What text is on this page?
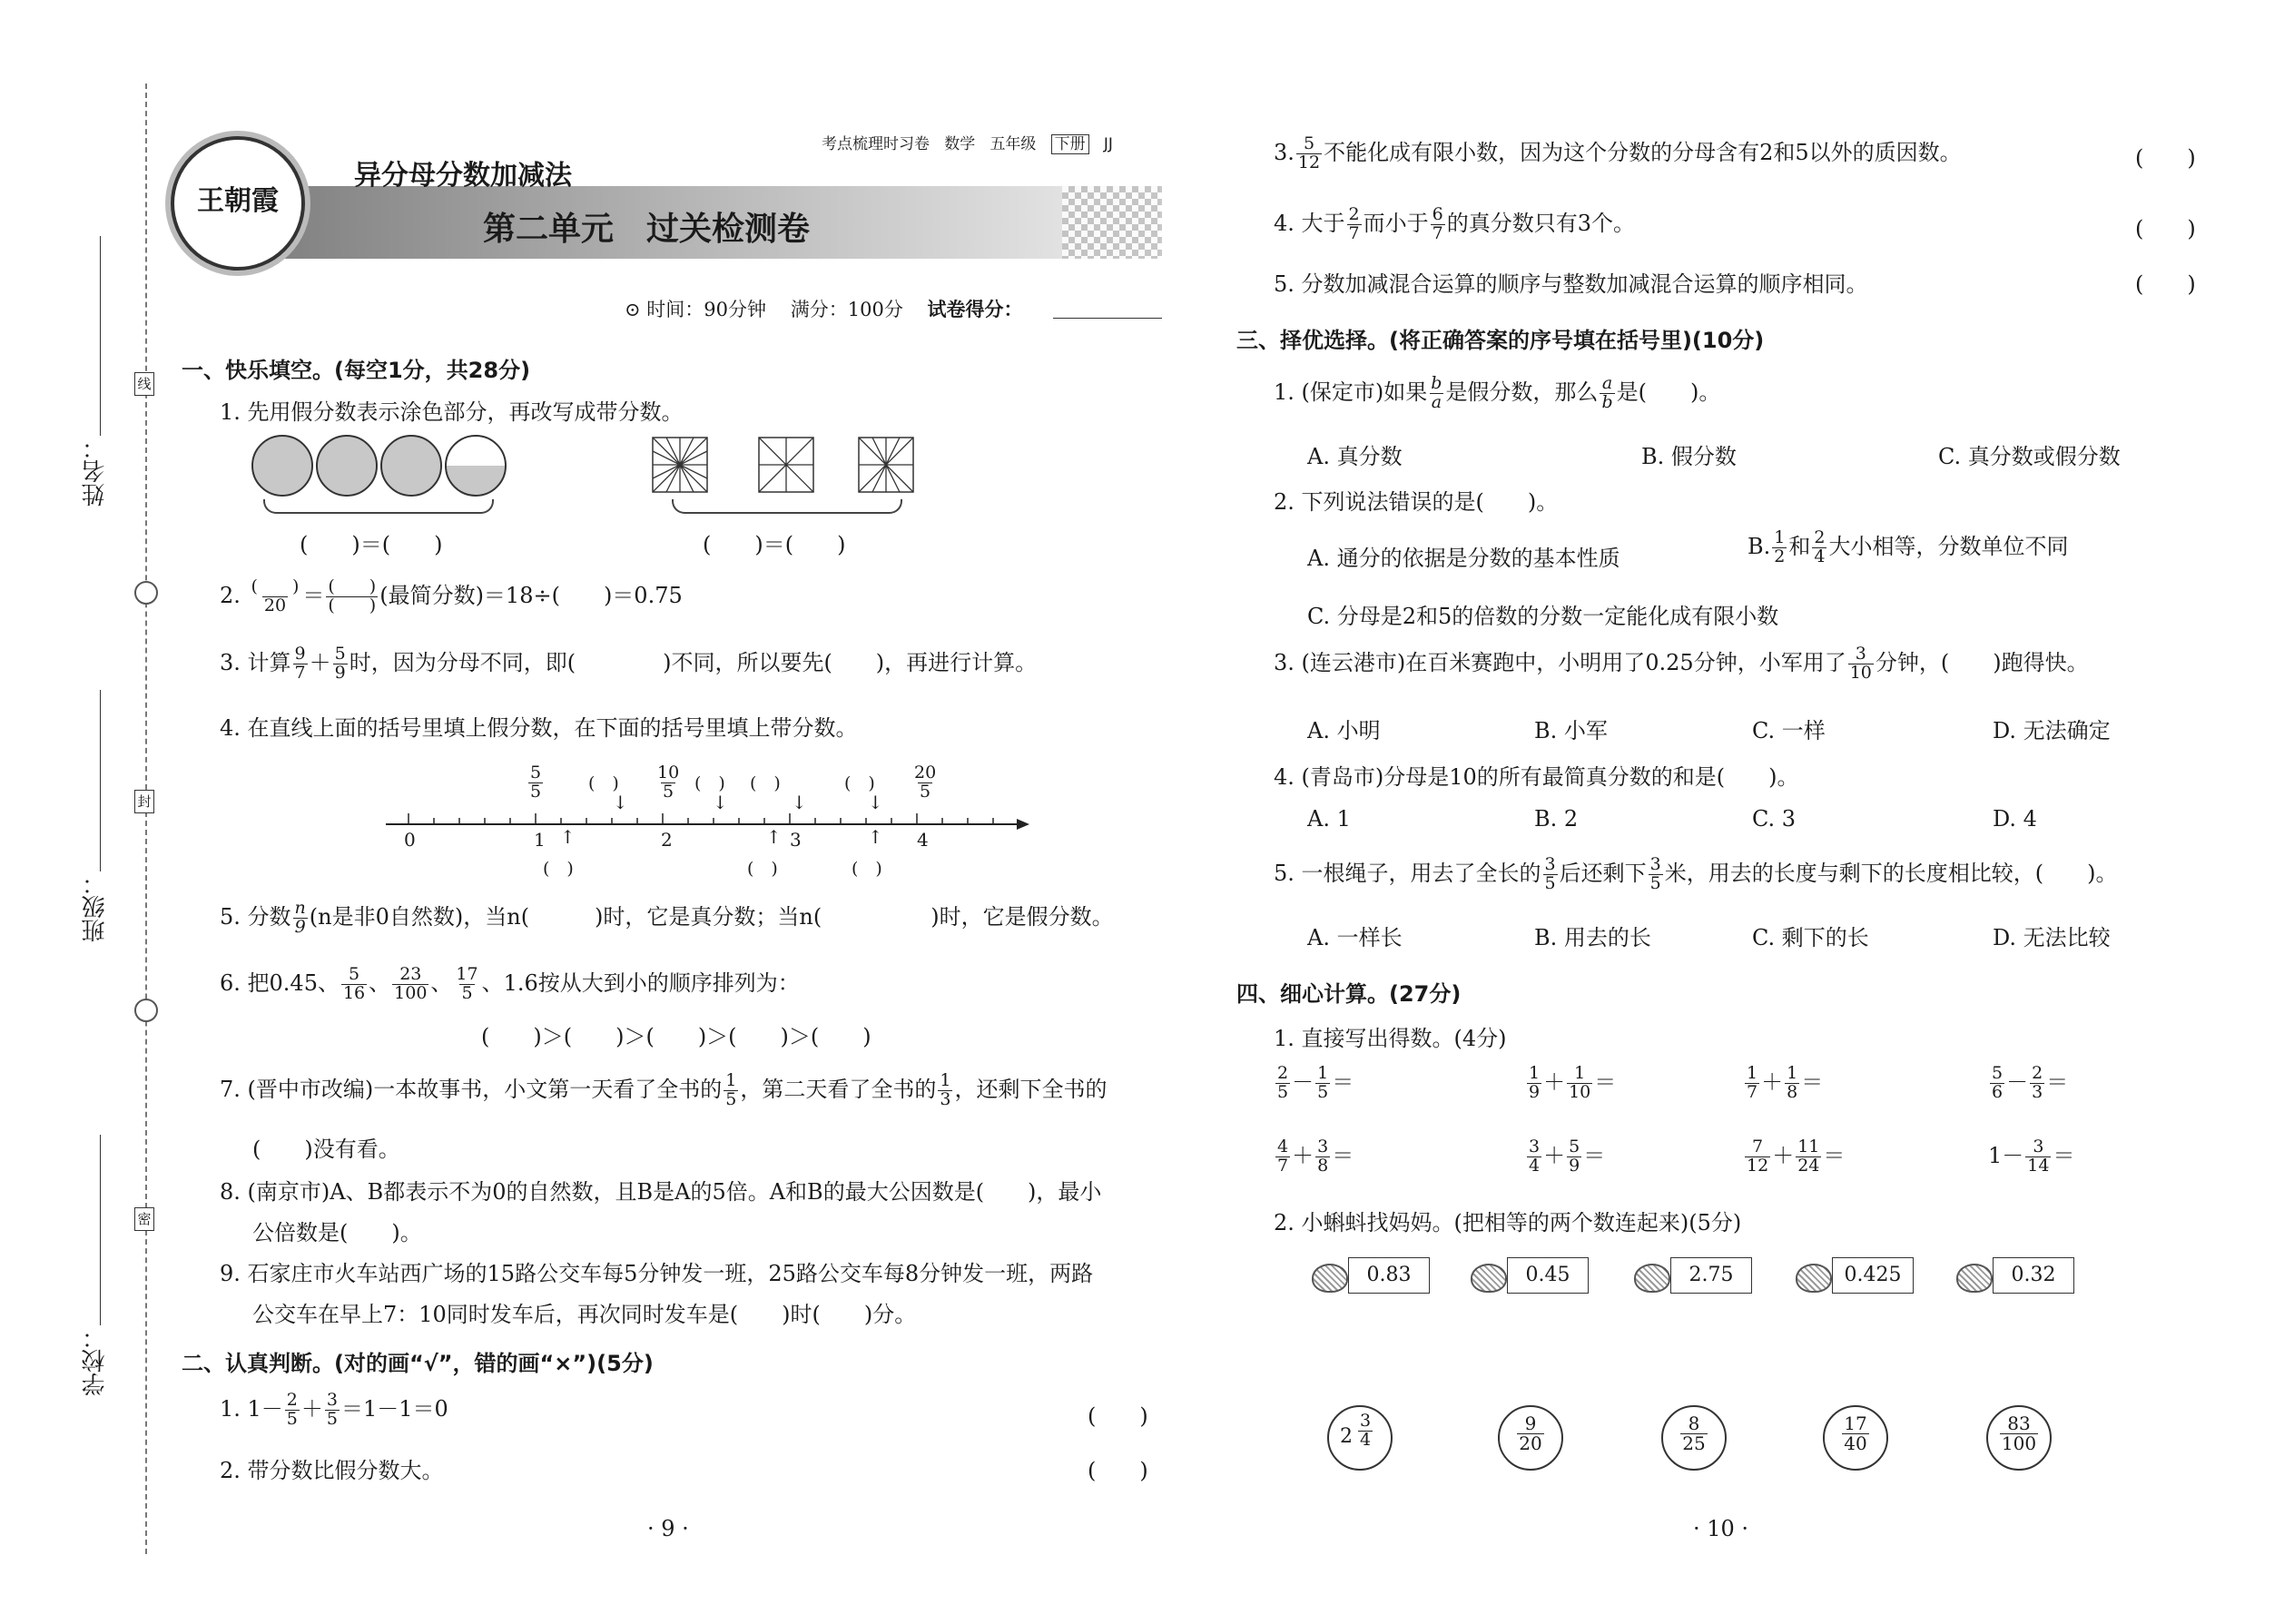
姓名：
班级：
学校：
线
封
密
王朝霞
考点梳理时习卷 数学 五年级 下册 JJ
异分母分数加减法
第二单元　过关检测卷
⊙ 时间：90分钟 满分：100分 试卷得分：
一、快乐填空。(每空1分，共28分)
1. 先用假分数表示涂色部分，再改写成带分数。
(　　)＝(　　)	(　　)＝(　　)
2. $\frac{( )}{20} = \frac{( )}{( )}$ (最简分数)＝18÷(　　)＝0.75
3. 计算 $\frac{9}{7} + \frac{5}{9}$ 时，因为分母不同，即(　　　　)不同，所以要先(　　)，再进行计算。
4. 在直线上面的括号里填上假分数，在下面的括号里填上带分数。
0	1	2	3	4
$\frac{5}{5}$	$\frac{10}{5}$	$\frac{20}{5}$
(　)	(　) (　)	(　)
(　)	(　)	(　)
↓	↓	↓	↓
↑	↑	↑
5. 分数 $\frac{n}{9} (n$是非0自然数)，当n(　　　)时，它是真分数；当n(　　　　　)时，它是假分数。
6. 把0.45、 $\frac{5}{16}$ 、 $\frac{23}{100}$ 、 $\frac{17}{5}$ 、1.6按从大到小的顺序排列为：
(　　)＞(　　)＞(　　)＞(　　)＞(　　)
7. (晋中市改编)一本故事书，小文第一天看了全书的 $\frac{1}{5}$ ，第二天看了全书的 $\frac{1}{3}$ ，还剩下全书的
(　　)没有看。
8. (南京市)A、B都表示不为0的自然数，且B是A的5倍。A和B的最大公因数是(　　)，最小
公倍数是(　　)。
9. 石家庄市火车站西广场的15路公交车每5分钟发一班，25路公交车每8分钟发一班，两路
公交车在早上7：10同时发车后，再次同时发车是(　　)时(　　)分。
二、认真判断。(对的画“√”，错的画“×”)(5分)
1. $1- \frac{2}{5} + \frac{3}{5} =1-1=0$	(　　)
2. 带分数比假分数大。	(　　)
· 9 ·
3. $\frac{5}{12}$ 不能化成有限小数，因为这个分数的分母含有2和5以外的质因数。	(　　)
4. 大于 $\frac{2}{7}$ 而小于 $\frac{6}{7}$ 的真分数只有3个。	(　　)
5. 分数加减混合运算的顺序与整数加减混合运算的顺序相同。	(　　)
三、择优选择。(将正确答案的序号填在括号里)(10分)
1. (保定市)如果 $\frac{b}{a}$ 是假分数，那么 $\frac{a}{b}$ 是(　　)。
A. 真分数	B. 假分数	C. 真分数或假分数
2. 下列说法错误的是(　　)。
A. 通分的依据是分数的基本性质	B. $\frac{1}{2}$ 和 $\frac{2}{4}$ 大小相等，分数单位不同
C. 分母是2和5的倍数的分数一定能化成有限小数
3. (连云港市)在百米赛跑中，小明用了0.25分钟，小军用了 $\frac{3}{10}$ 分钟，(　　)跑得快。
A. 小明	B. 小军	C. 一样	D. 无法确定
4. (青岛市)分母是10的所有最简真分数的和是(　　)。
A. 1	B. 2	C. 3	D. 4
5. 一根绳子，用去了全长的 $\frac{3}{5}$ 后还剩下 $\frac{3}{5}$ 米，用去的长度与剩下的长度相比较，(　　)。
A. 一样长	B. 用去的长	C. 剩下的长	D. 无法比较
四、细心计算。(27分)
1. 直接写出得数。(4分)
$\frac{2}{5} - \frac{1}{5}$ ＝	$\frac{1}{9} + \frac{1}{10}$ ＝	$\frac{1}{7} + \frac{1}{8}$ ＝	$\frac{5}{6} - \frac{2}{3}$ ＝
$\frac{4}{7} + \frac{3}{8}$ ＝	$\frac{3}{4} + \frac{5}{9}$ ＝	$\frac{7}{12} + \frac{11}{24}$ ＝	$1- \frac{3}{14}$ ＝
2. 小蝌蚪找妈妈。(把相等的两个数连起来)(5分)
0.83	0.45	2.75	0.425	0.32
$\frac{9}{20}$	$\frac{8}{25}$	$\frac{17}{40}$	$\frac{83}{100}$
$2 \frac{3}{4}$
· 10 ·
